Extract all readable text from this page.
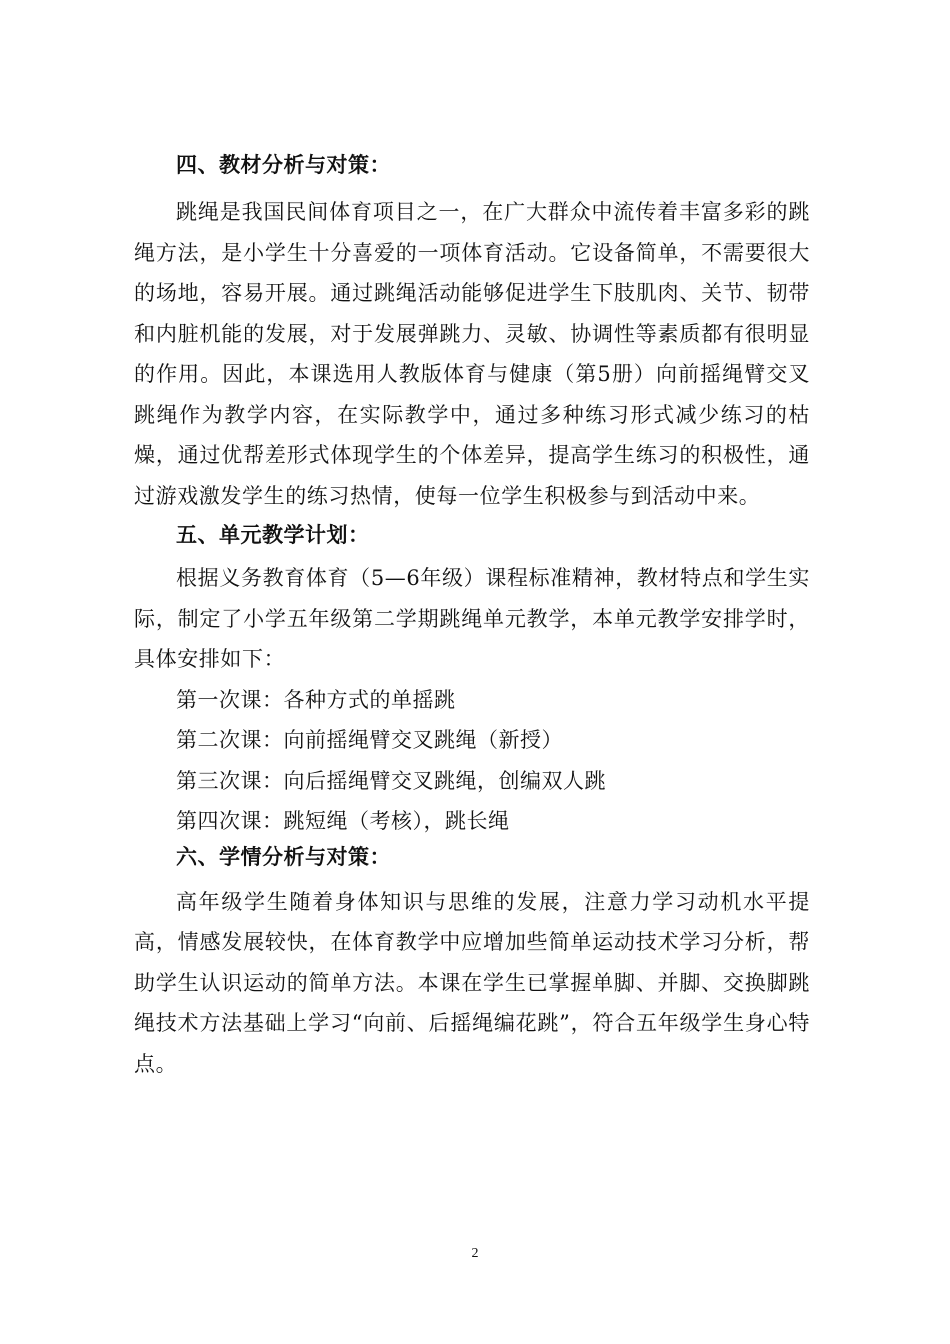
四、教材分析与对策：

跳绳是我国民间体育项目之一，在广大群众中流传着丰富多彩的跳绳方法，是小学生十分喜爱的一项体育活动。它设备简单，不需要很大的场地，容易开展。通过跳绳活动能够促进学生下肢肌肉、关节、韧带和内脏机能的发展，对于发展弹跳力、灵敏、协调性等素质都有很明显的作用。因此，本课选用人教版体育与健康（第5册）向前摇绳臂交叉跳绳作为教学内容，在实际教学中，通过多种练习形式减少练习的枯燥，通过优帮差形式体现学生的个体差异，提高学生练习的积极性，通过游戏激发学生的练习热情，使每一位学生积极参与到活动中来。

五、单元教学计划：

根据义务教育体育（5—6年级）课程标准精神，教材特点和学生实际，制定了小学五年级第二学期跳绳单元教学，本单元教学安排学时，具体安排如下：

第一次课：各种方式的单摇跳
第二次课：向前摇绳臂交叉跳绳（新授）
第三次课：向后摇绳臂交叉跳绳，创编双人跳
第四次课：跳短绳（考核），跳长绳
六、学情分析与对策：

高年级学生随着身体知识与思维的发展，注意力学习动机水平提高，情感发展较快，在体育教学中应增加些简单运动技术学习分析，帮助学生认识运动的简单方法。本课在学生已掌握单脚、并脚、交换脚跳绳技术方法基础上学习“向前、后摇绳编花跳”，符合五年级学生身心特点。

2
